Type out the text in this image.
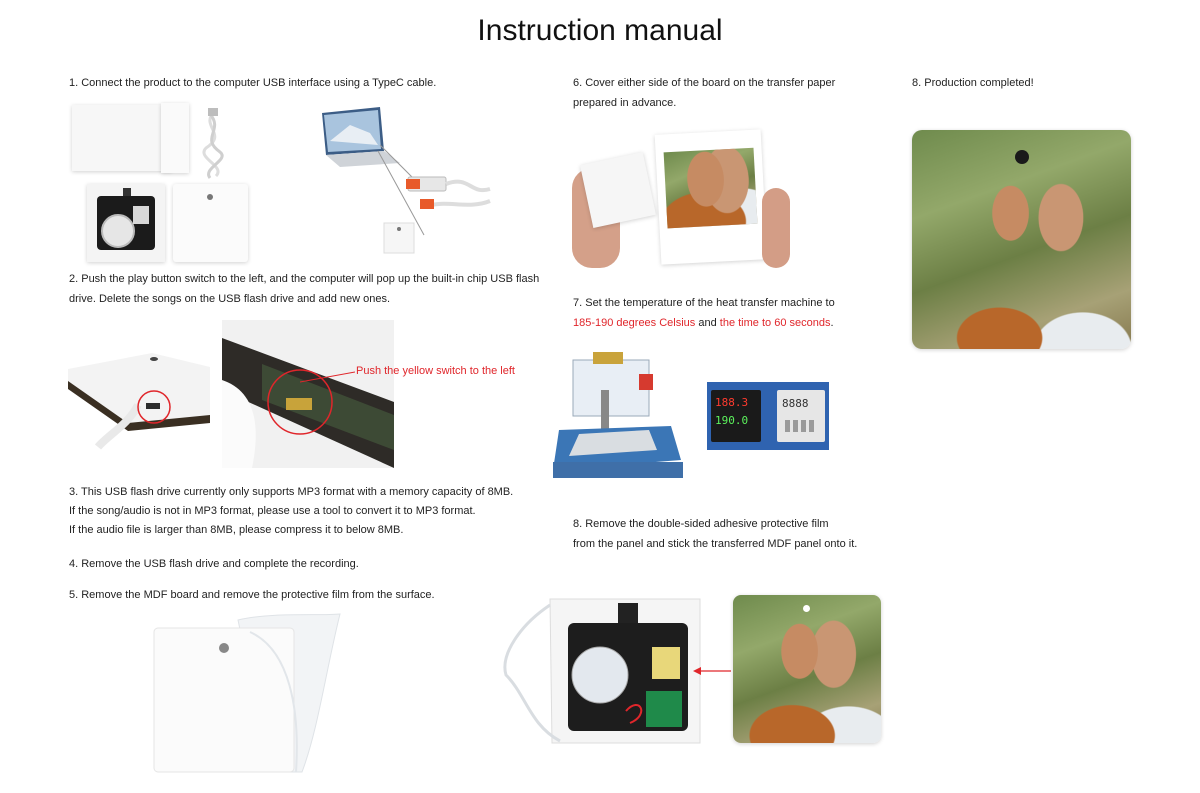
Instruction manual
1. Connect the product to the computer USB interface using a TypeC cable.
2. Push the play button switch to the left, and the computer will pop up the built-in chip USB flash
drive. Delete the songs on the USB flash drive and add new ones.
Push the yellow switch to the left
3. This USB flash drive currently only supports MP3 format with a memory capacity of 8MB.
If the song/audio is not in MP3 format, please use a tool to convert it to MP3 format.
If the audio file is larger than 8MB, please compress it to below 8MB.
4. Remove the USB flash drive and complete the recording.
5. Remove the MDF board and remove the protective film from the surface.
6. Cover either side of the board on the transfer paper
prepared in advance.
7. Set the temperature of the heat transfer machine to
185-190 degrees Celsius and the time to 60 seconds.
188.3
190.0
8888
8. Remove the double-sided adhesive protective film
from the panel and stick the transferred MDF panel onto it.
8. Production completed!
